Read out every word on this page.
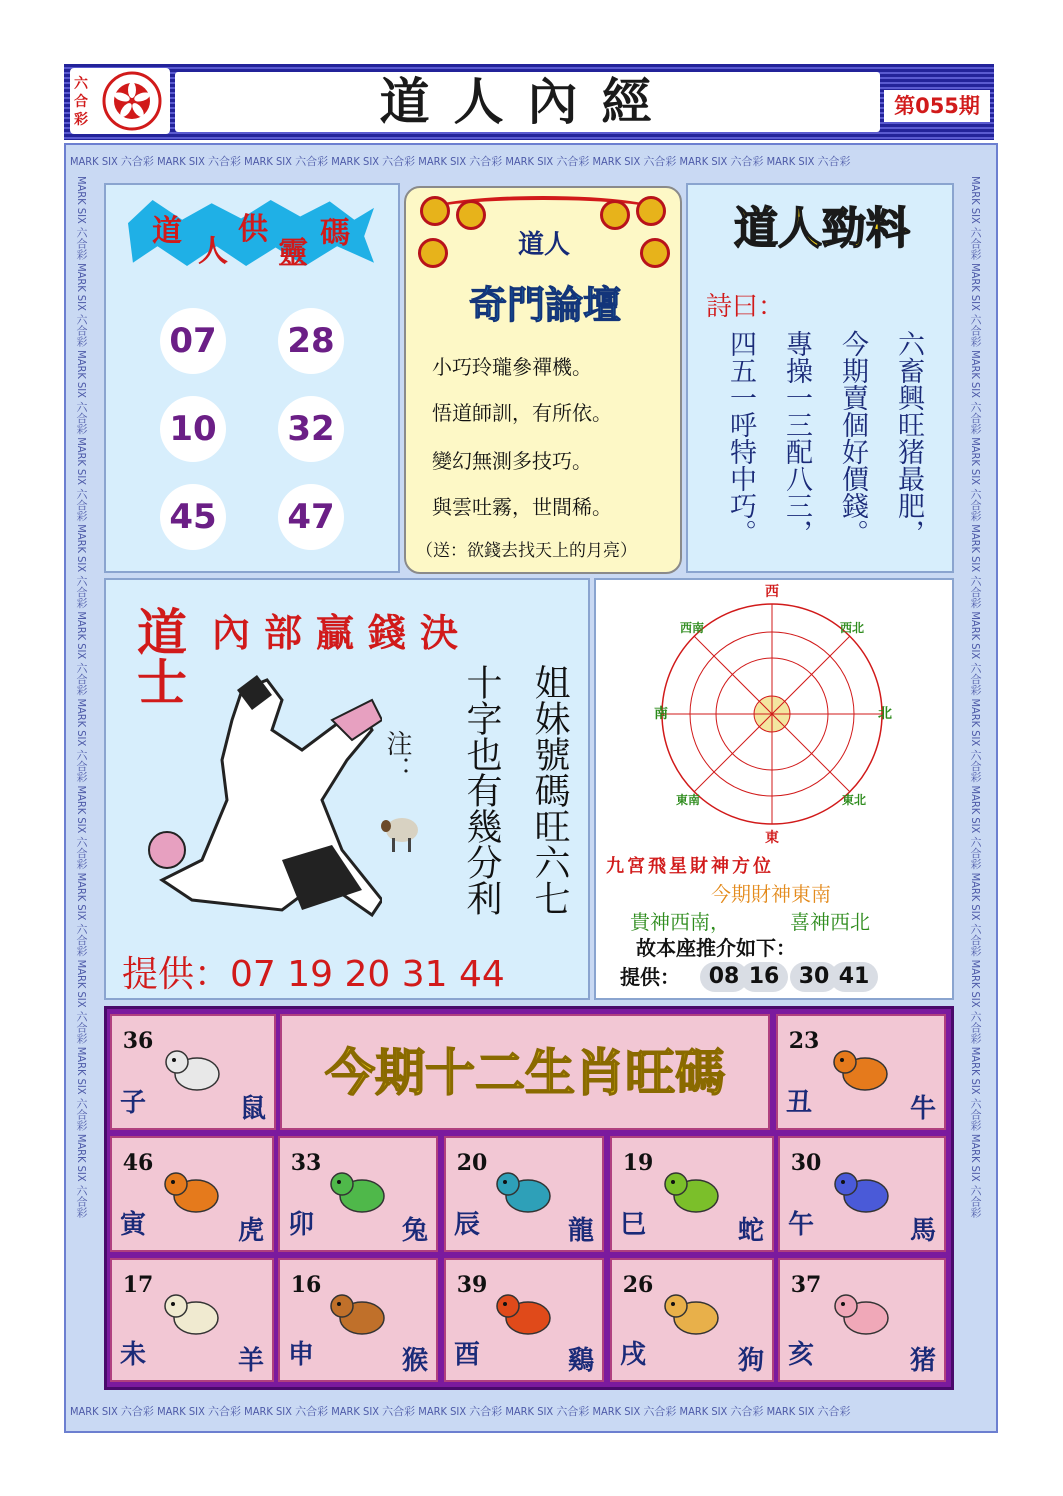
道人內經
六
合
彩
第055期
MARK SIX 六合彩 MARK SIX 六合彩 MARK SIX 六合彩 MARK SIX 六合彩 MARK SIX 六合彩 MARK SIX 六合彩 MARK SIX 六合彩 MARK SIX 六合彩 MARK SIX 六合彩
MARK SIX 六合彩 MARK SIX 六合彩 MARK SIX 六合彩 MARK SIX 六合彩 MARK SIX 六合彩 MARK SIX 六合彩 MARK SIX 六合彩 MARK SIX 六合彩 MARK SIX 六合彩
MARK SIX 六合彩 MARK SIX 六合彩 MARK SIX 六合彩 MARK SIX 六合彩 MARK SIX 六合彩 MARK SIX 六合彩 MARK SIX 六合彩 MARK SIX 六合彩 MARK SIX 六合彩 MARK SIX 六合彩 MARK SIX 六合彩 MARK SIX 六合彩	MARK SIX 六合彩 MARK SIX 六合彩 MARK SIX 六合彩 MARK SIX 六合彩 MARK SIX 六合彩 MARK SIX 六合彩 MARK SIX 六合彩 MARK SIX 六合彩 MARK SIX 六合彩 MARK SIX 六合彩 MARK SIX 六合彩 MARK SIX 六合彩
道
人
供
靈
碼
07 28
10 32
45 47
道人
奇門論壇
小巧玲瓏參禪機。
悟道師訓，有所依。
變幻無測多技巧。
與雲吐霧，世間稀。
（送：欲錢去找天上的月亮）
道人勁料
詩曰：
六畜興旺猪最肥，
今期賣個好價錢。
專操一三配八三，
四五一呼特中巧。
內部贏錢決
道士
注：	姐妹號碼旺六七
十字也有幾分利
提供：07 19 20 31 44
西
東
南	北
西南	西北
東南	東北
九宮飛星財神方位
今期財神東南
貴神西南，	喜神西北
故本座推介如下：
提供：	08 16 30 41
今期十二生肖旺碼
36
子	鼠
23
丑	牛
46
寅	虎
33
卯	兔
20
辰	龍
19
巳	蛇
30
午	馬
17
未	羊
16
申	猴
39
酉	鷄
26
戌	狗
37
亥	猪
